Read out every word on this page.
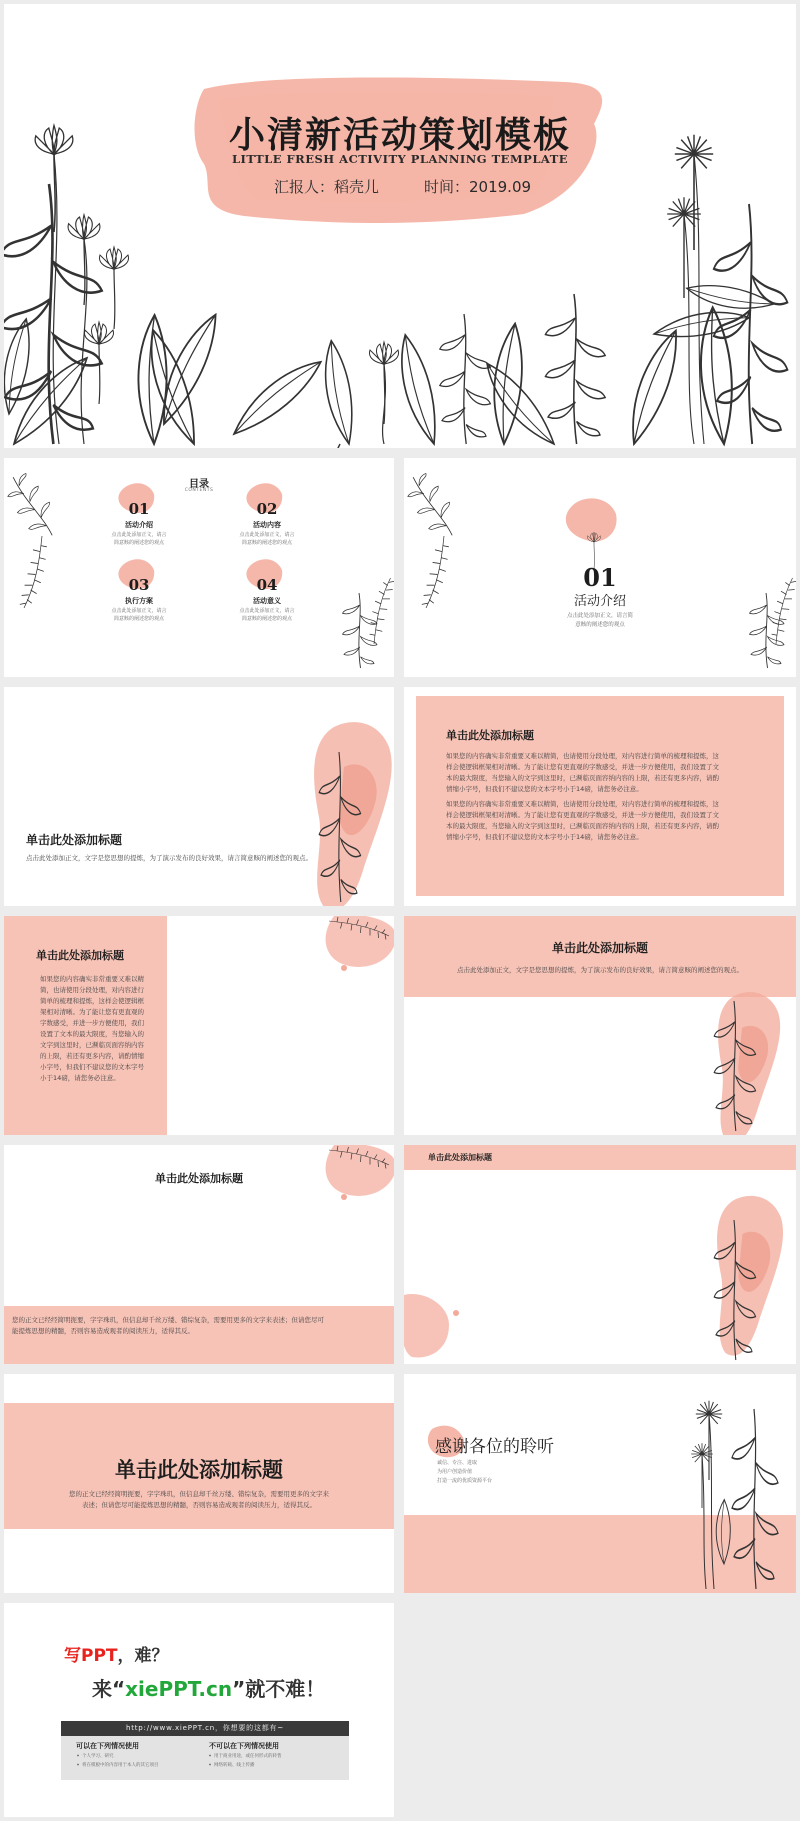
小清新活动策划模板
LITTLE FRESH ACTIVITY PLANNING TEMPLATE
汇报人：稻壳儿	时间：2019.09
目录
CONTENTS
01
活动介绍
点击此处添加正文，请言
简意赅的阐述您的观点
02
活动内容
点击此处添加正文，请言
简意赅的阐述您的观点
03
执行方案
点击此处添加正文，请言
简意赅的阐述您的观点
04
活动意义
点击此处添加正文，请言
简意赅的阐述您的观点
01
活动介绍
点击此处添加正文，请言简
意赅的阐述您的观点
单击此处添加标题
点击此处添加正文，文字是您思想的提炼，为了演示发布的良好效果，请言简意赅的阐述您的观点。
单击此处添加标题
如果您的内容确实非常重要又难以精简，也请使用分段处理，对内容进行简单的梳理和提炼，这
样会使逻辑框架相对清晰。为了能让您有更直观的字数感受，并进一步方便使用，我们设置了文
本的最大限度，当您输入的文字到这里时，已濒临页面容纳内容的上限，若还有更多内容，请酌
情缩小字号，但我们不建议您的文本字号小于14磅，请您务必注意。
如果您的内容确实非常重要又难以精简，也请使用分段处理，对内容进行简单的梳理和提炼，这
样会使逻辑框架相对清晰。为了能让您有更直观的字数感受，并进一步方便使用，我们设置了文
本的最大限度，当您输入的文字到这里时，已濒临页面容纳内容的上限，若还有更多内容，请酌
情缩小字号，但我们不建议您的文本字号小于14磅，请您务必注意。
单击此处添加标题
如果您的内容确实非常重要又难以精
简，也请使用分段处理，对内容进行
简单的梳理和提炼，这样会使逻辑框
架相对清晰。为了能让您有更直观的
字数感受，并进一步方便使用，我们
设置了文本的最大限度，当您输入的
文字到这里时，已濒临页面容纳内容
的上限，若还有更多内容，请酌情缩
小字号，但我们不建议您的文本字号
小于14磅，请您务必注意。
单击此处添加标题
点击此处添加正文，文字是您思想的提炼，为了演示发布的良好效果，请言简意赅的阐述您的观点。
单击此处添加标题
您的正文已经经简明扼要，字字珠玑，但信息却千丝万缕、错综复杂，需要用更多的文字来表述；但请您尽可
能提炼思想的精髓，否则容易造成观者的阅读压力，适得其反。
单击此处添加标题
单击此处添加标题
您的正文已经经简明扼要，字字珠玑，但信息却千丝万缕、错综复杂，需要用更多的文字来
表述；但请您尽可能提炼思想的精髓，否则容易造成观者的阅读压力，适得其反。
感谢各位的聆听
诚信、专注、进取
为用户创造价值
打造一流的优质资源平台
写PPT，难？
来“xiePPT.cn”就不难！
http://www.xiePPT.cn，你想要的这都有~
可以在下列情况使用
个人学习、研究
将在模板中的内容用于本人的其它项目
不可以在下列情况使用
用于商业用途，或任何形式的转售
网络转载、线上传播
